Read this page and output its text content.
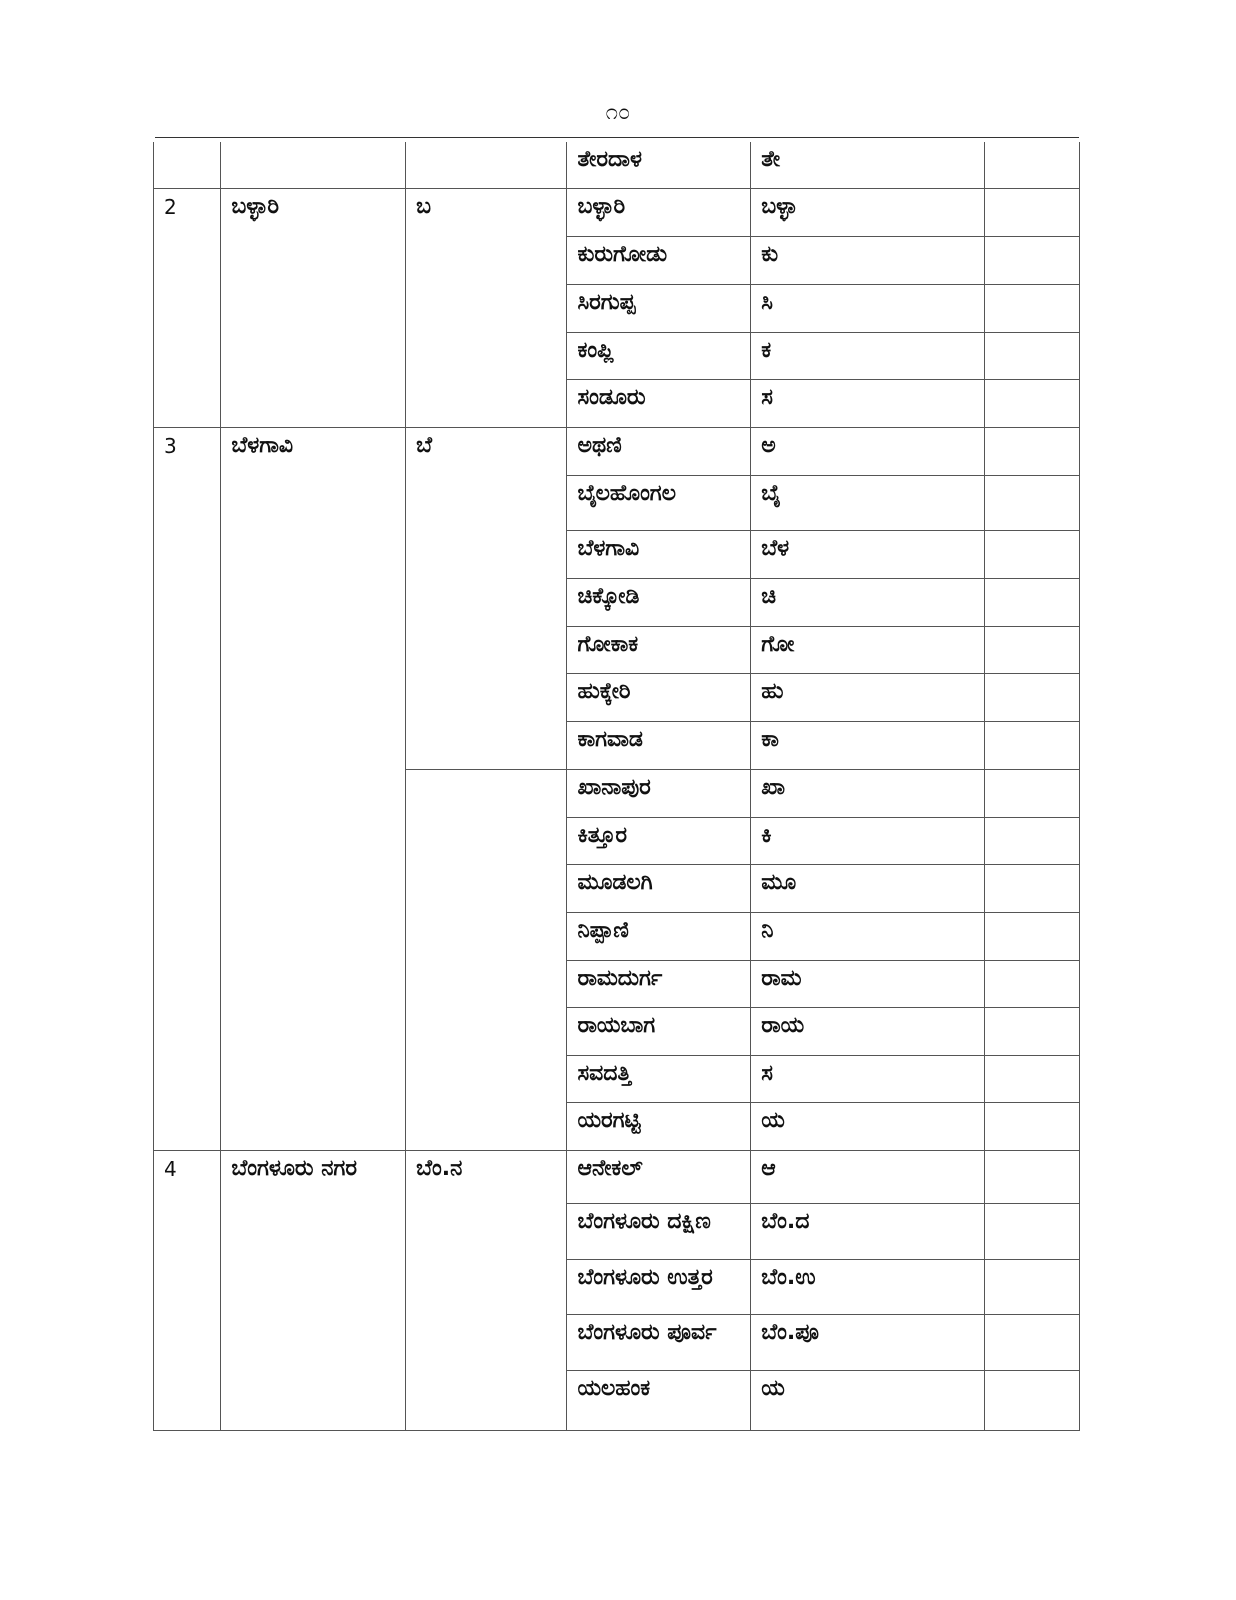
೧೦
			ತೇರದಾಳ	ತೇ	
2	ಬಳ್ಳಾರಿ	ಬ	ಬಳ್ಳಾರಿ	ಬಳ್ಳಾ	
			ಕುರುಗೋಡು	ಕು	
			ಸಿರಗುಪ್ಪ	ಸಿ	
			ಕಂಪ್ಲಿ	ಕ	
			ಸಂಡೂರು	ಸ	
3	ಬೆಳಗಾವಿ	ಬೆ	ಅಥಣಿ	ಅ	
			ಬೈಲಹೊಂಗಲ	ಬೈ	
			ಬೆಳಗಾವಿ	ಬೆಳ	
			ಚಿಕ್ಕೋಡಿ	ಚಿ	
			ಗೋಕಾಕ	ಗೋ	
			ಹುಕ್ಕೇರಿ	ಹು	
			ಕಾಗವಾಡ	ಕಾ	
			ಖಾನಾಪುರ	ಖಾ	
			ಕಿತ್ತೂರ	ಕಿ	
			ಮೂಡಲಗಿ	ಮೂ	
			ನಿಪ್ಪಾಣಿ	ನಿ	
			ರಾಮದುರ್ಗ	ರಾಮ	
			ರಾಯಬಾಗ	ರಾಯ	
			ಸವದತ್ತಿ	ಸ	
			ಯರಗಟ್ಟಿ	ಯ	
4	ಬೆಂಗಳೂರು ನಗರ	ಬೆಂ.ನ	ಆನೇಕಲ್	ಆ	
			ಬೆಂಗಳೂರು ದಕ್ಷಿಣ	ಬೆಂ.ದ	
			ಬೆಂಗಳೂರು ಉತ್ತರ	ಬೆಂ.ಉ	
			ಬೆಂಗಳೂರು ಪೂರ್ವ	ಬೆಂ.ಪೂ	
			ಯಲಹಂಕ	ಯ	
